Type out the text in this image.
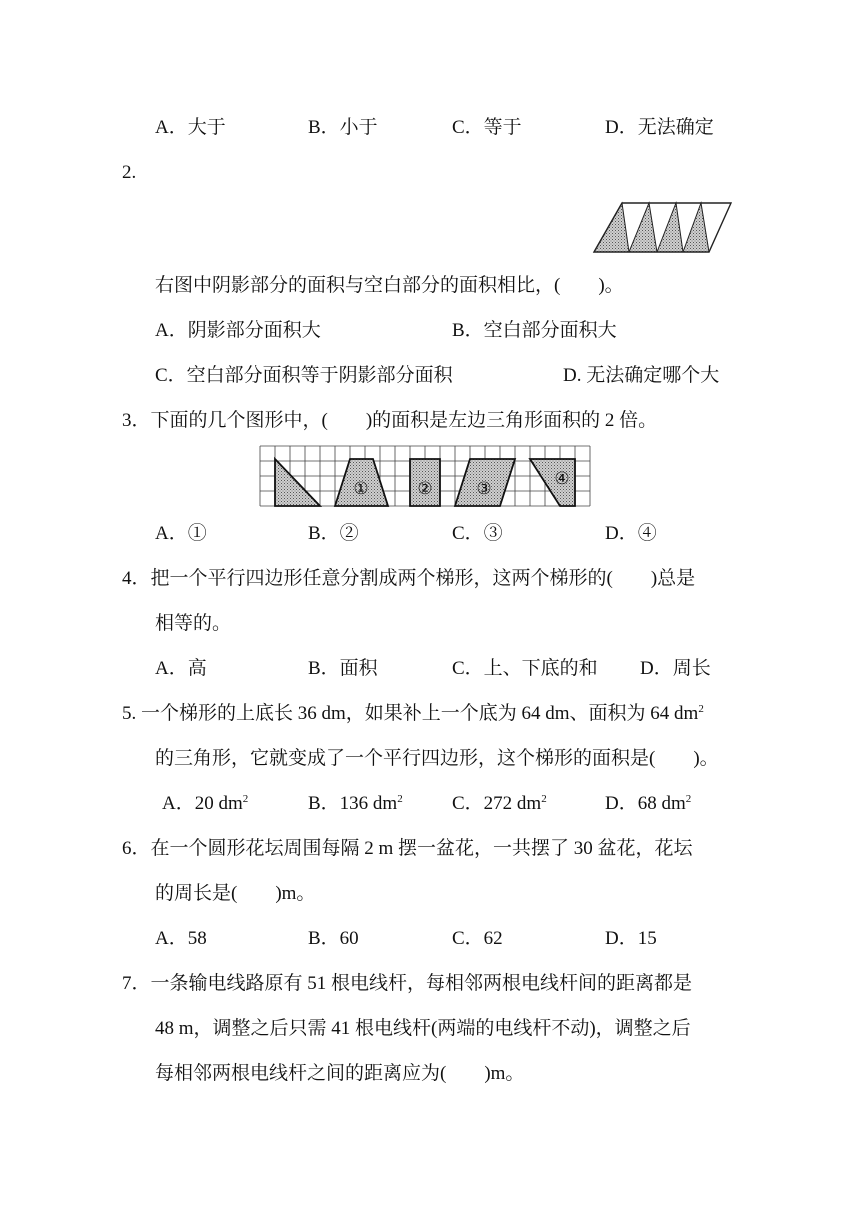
A．大于	B．小于	C．等于	D．无法确定
2.
右图中阴影部分的面积与空白部分的面积相比，(　　)。
A．阴影部分面积大	B．空白部分面积大
C．空白部分面积等于阴影部分面积	D. 无法确定哪个大
3．下面的几个图形中，(　　)的面积是左边三角形面积的 2 倍。
①	②	③	④
A．①	B．②	C．③	D．④
4．把一个平行四边形任意分割成两个梯形，这两个梯形的(　　)总是
相等的。
A．高	B．面积	C．上、下底的和 D．周长
5. 一个梯形的上底长 36 dm，如果补上一个底为 64 dm、面积为 64 $dm^2$
的三角形，它就变成了一个平行四边形，这个梯形的面积是(　　)。
A．20 $dm^2$	B．136 $dm^2$	C．272 $dm^2$	D．68 $dm^2$
6．在一个圆形花坛周围每隔 2 m 摆一盆花，一共摆了 30 盆花，花坛
的周长是(　　)m。
A．58	B．60	C．62	D．15
7．一条输电线路原有 51 根电线杆，每相邻两根电线杆间的距离都是
48 m，调整之后只需 41 根电线杆(两端的电线杆不动)，调整之后
每相邻两根电线杆之间的距离应为(　　)m。
